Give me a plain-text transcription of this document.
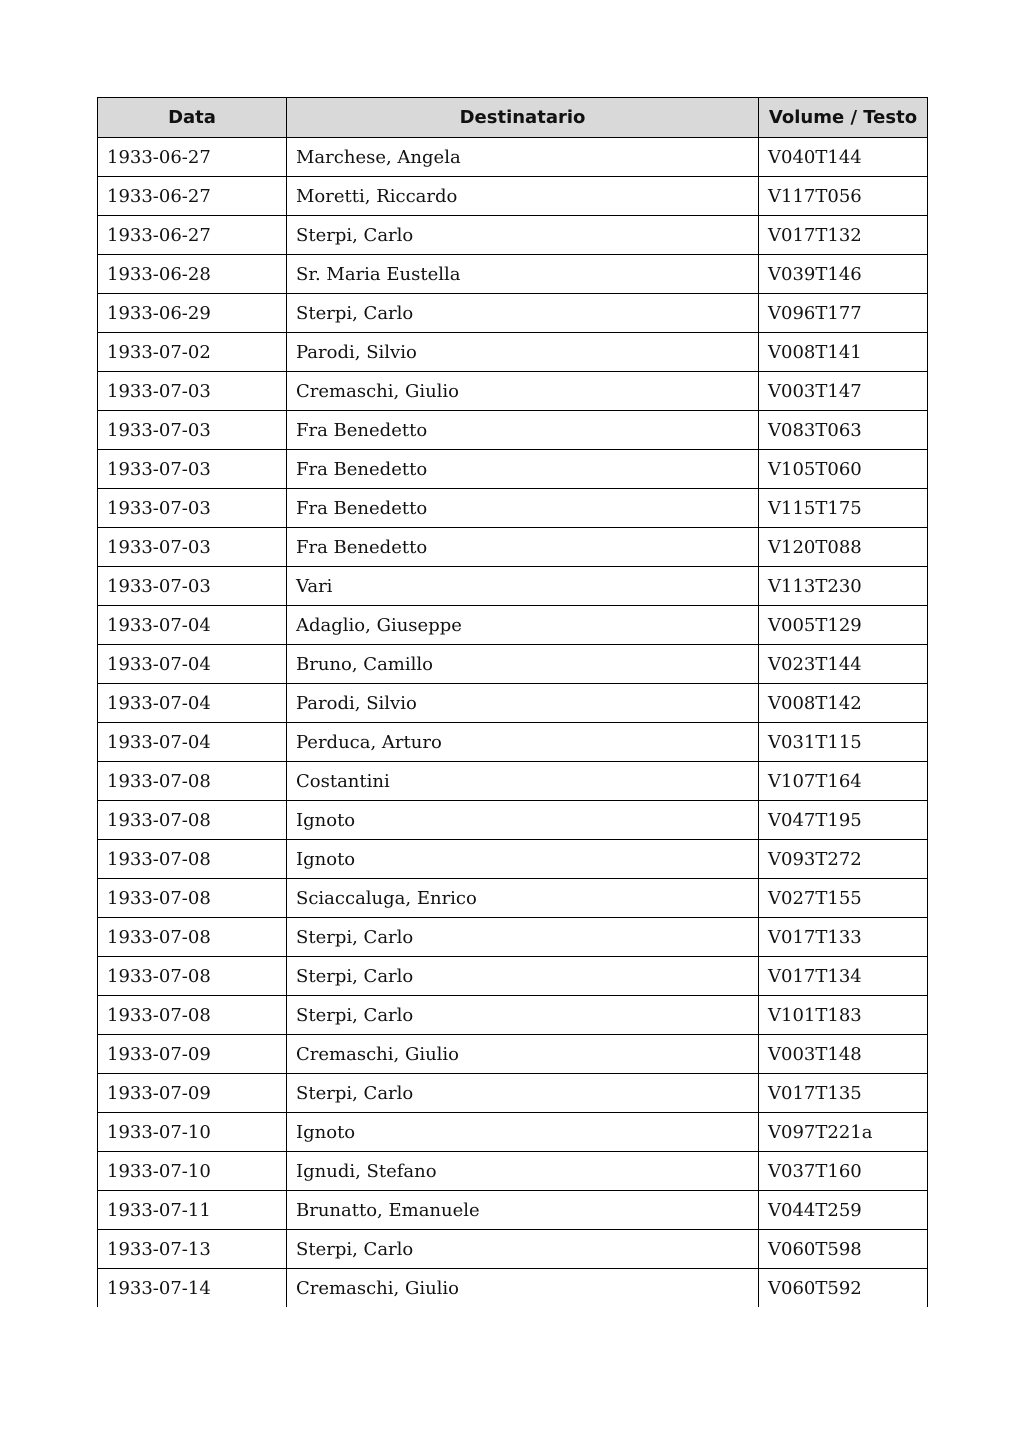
Data	Destinatario	Volume / Testo
1933-06-27	Marchese, Angela	V040T144
1933-06-27	Moretti, Riccardo	V117T056
1933-06-27	Sterpi, Carlo	V017T132
1933-06-28	Sr. Maria Eustella	V039T146
1933-06-29	Sterpi, Carlo	V096T177
1933-07-02	Parodi, Silvio	V008T141
1933-07-03	Cremaschi, Giulio	V003T147
1933-07-03	Fra Benedetto	V083T063
1933-07-03	Fra Benedetto	V105T060
1933-07-03	Fra Benedetto	V115T175
1933-07-03	Fra Benedetto	V120T088
1933-07-03	Vari	V113T230
1933-07-04	Adaglio, Giuseppe	V005T129
1933-07-04	Bruno, Camillo	V023T144
1933-07-04	Parodi, Silvio	V008T142
1933-07-04	Perduca, Arturo	V031T115
1933-07-08	Costantini	V107T164
1933-07-08	Ignoto	V047T195
1933-07-08	Ignoto	V093T272
1933-07-08	Sciaccaluga, Enrico	V027T155
1933-07-08	Sterpi, Carlo	V017T133
1933-07-08	Sterpi, Carlo	V017T134
1933-07-08	Sterpi, Carlo	V101T183
1933-07-09	Cremaschi, Giulio	V003T148
1933-07-09	Sterpi, Carlo	V017T135
1933-07-10	Ignoto	V097T221a
1933-07-10	Ignudi, Stefano	V037T160
1933-07-11	Brunatto, Emanuele	V044T259
1933-07-13	Sterpi, Carlo	V060T598
1933-07-14	Cremaschi, Giulio	V060T592
